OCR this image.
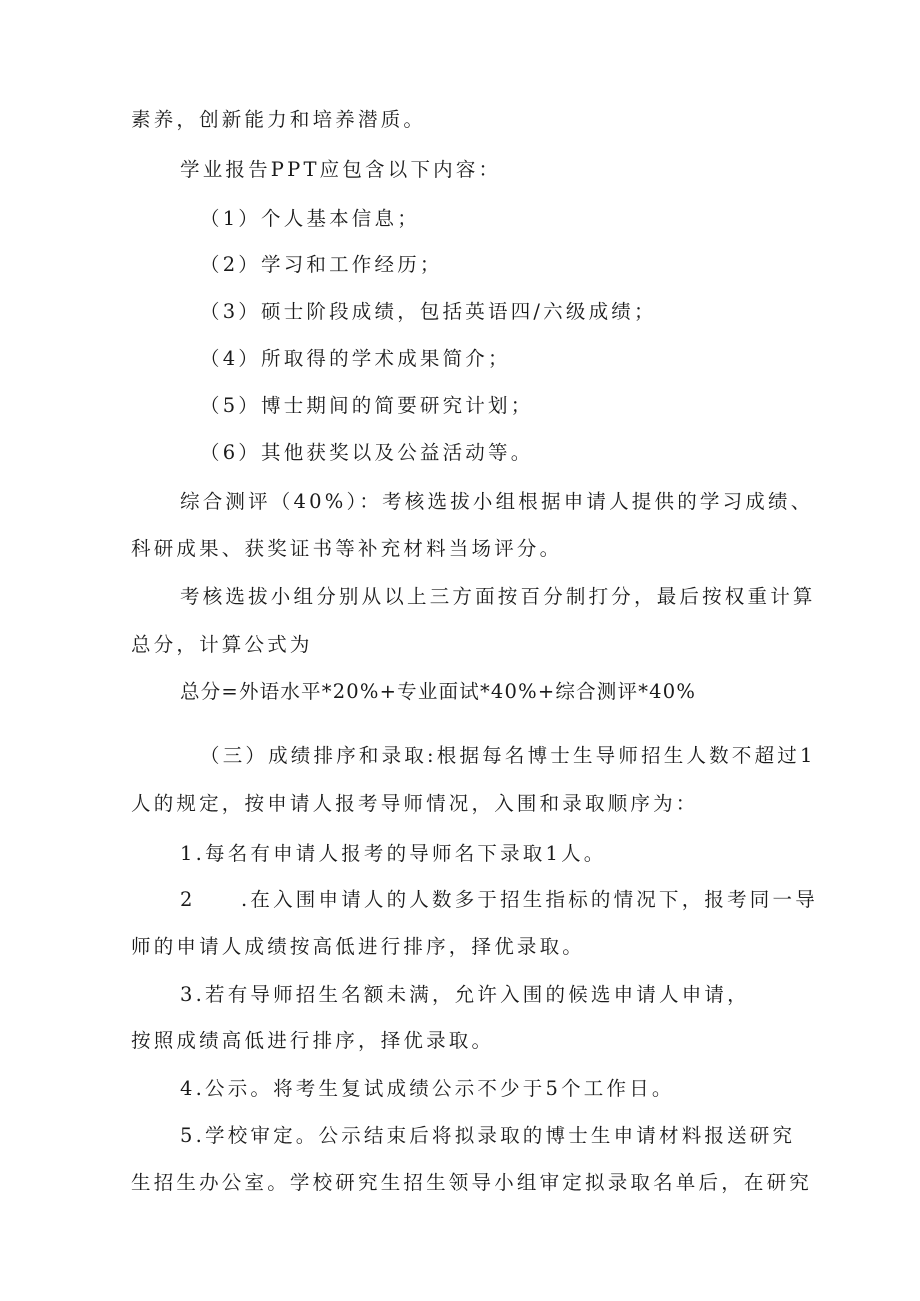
素养，创新能力和培养潜质。
学业报告PPT应包含以下内容：
（1）个人基本信息；
（2）学习和工作经历；
（3）硕士阶段成绩，包括英语四/六级成绩；
（4）所取得的学术成果简介；
（5）博士期间的简要研究计划；
（6）其他获奖以及公益活动等。
综合测评（40%）：考核选拔小组根据申请人提供的学习成绩、
科研成果、获奖证书等补充材料当场评分。
考核选拔小组分别从以上三方面按百分制打分，最后按权重计算
总分，计算公式为
总分=外语水平*20%+专业面试*40%+综合测评*40%
（三）成绩排序和录取:根据每名博士生导师招生人数不超过1
人的规定，按申请人报考导师情况，入围和录取顺序为：
1.每名有申请人报考的导师名下录取1人。
2　　.在入围申请人的人数多于招生指标的情况下，报考同一导
师的申请人成绩按高低进行排序，择优录取。
3.若有导师招生名额未满，允许入围的候选申请人申请，
按照成绩高低进行排序，择优录取。
4.公示。将考生复试成绩公示不少于5个工作日。
5.学校审定。公示结束后将拟录取的博士生申请材料报送研究
生招生办公室。学校研究生招生领导小组审定拟录取名单后，在研究
